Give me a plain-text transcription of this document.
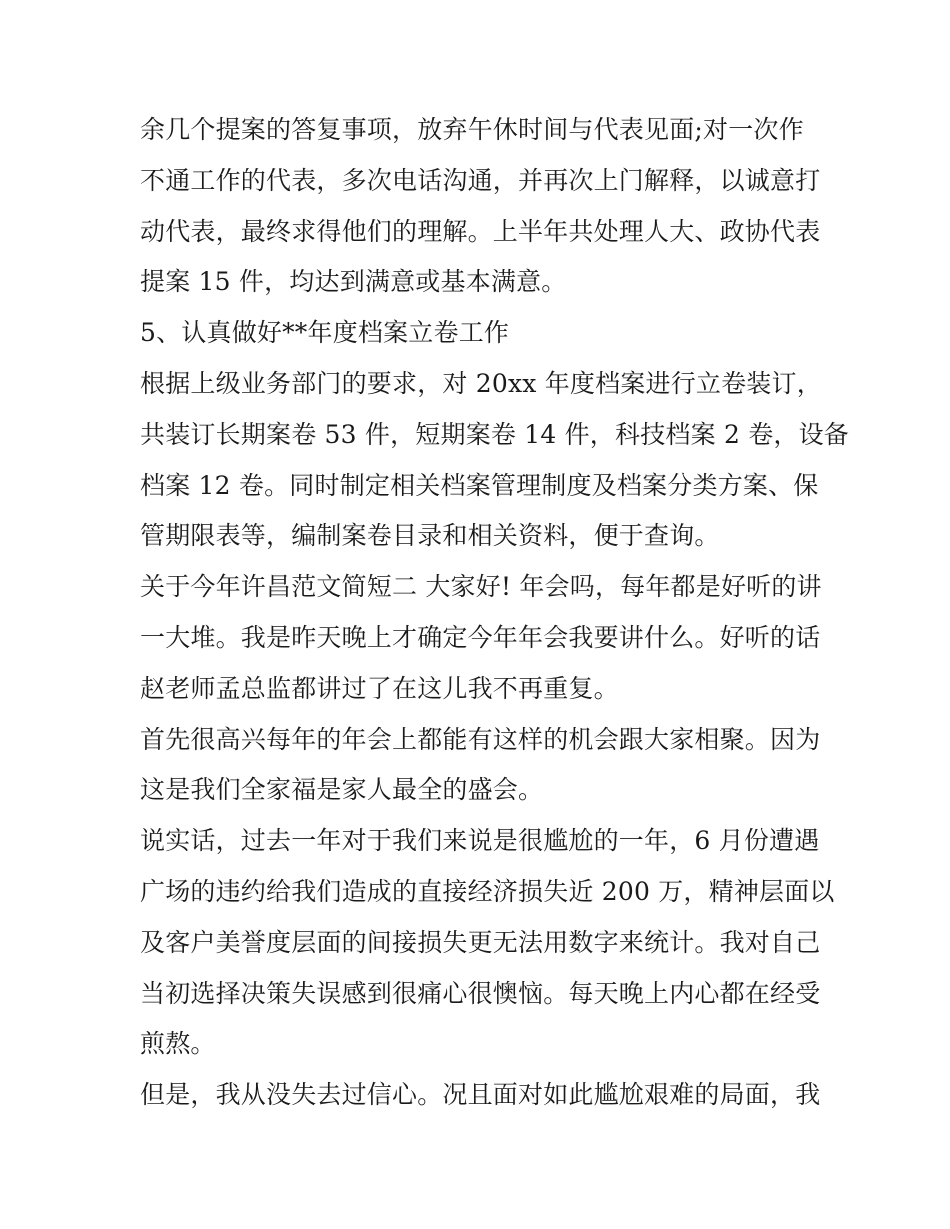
余几个提案的答复事项，放弃午休时间与代表见面;对一次作
不通工作的代表，多次电话沟通，并再次上门解释，以诚意打
动代表，最终求得他们的理解。上半年共处理人大、政协代表
提案 15 件，均达到满意或基本满意。
5、认真做好**年度档案立卷工作
根据上级业务部门的要求，对 20xx 年度档案进行立卷装订，
共装订长期案卷 53 件，短期案卷 14 件，科技档案 2 卷，设备
档案 12 卷。同时制定相关档案管理制度及档案分类方案、保
管期限表等，编制案卷目录和相关资料，便于查询。
关于今年许昌范文简短二 大家好! 年会吗，每年都是好听的讲
一大堆。我是昨天晚上才确定今年年会我要讲什么。好听的话
赵老师孟总监都讲过了在这儿我不再重复。
首先很高兴每年的年会上都能有这样的机会跟大家相聚。因为
这是我们全家福是家人最全的盛会。
说实话，过去一年对于我们来说是很尴尬的一年，6 月份遭遇
广场的违约给我们造成的直接经济损失近 200 万，精神层面以
及客户美誉度层面的间接损失更无法用数字来统计。我对自己
当初选择决策失误感到很痛心很懊恼。每天晚上内心都在经受
煎熬。
但是，我从没失去过信心。况且面对如此尴尬艰难的局面，我
